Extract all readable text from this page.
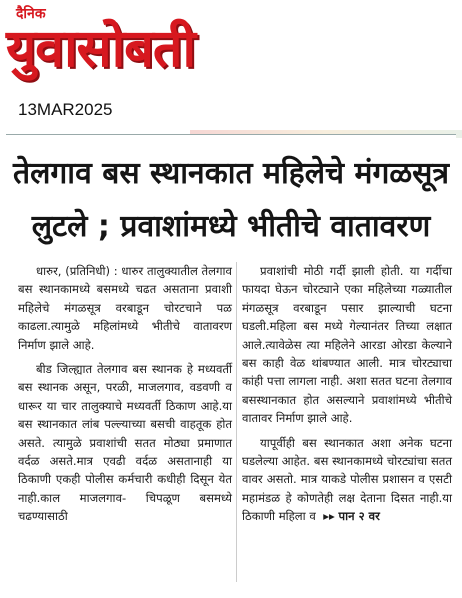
दैनिक
युवासोबती
13MAR2025
तेलगाव बस स्थानकात महिलेचे मंगळसूत्र
लुटले ; प्रवाशांमध्ये भीतीचे वातावरण

धारुर, (प्रतिनिधी) : धारुर तालुक्यातील तेलगाव बस स्थानकामध्ये बसमध्ये चढत असताना प्रवाशी महिलेचे मंगळसूत्र वरबाडून चोरटचाने पळ काढला.त्यामुळे महिलांमध्ये भीतीचे वातावरण निर्माण झाले आहे.

बीड जिल्ह्यात तेलगाव बस स्थानक हे मध्यवर्ती बस स्थानक असून, परळी, माजलगाव, वडवणी व धारूर या चार तालुक्याचे मध्यवर्ती ठिकाण आहे.या बस स्थानकात लांब पल्ल्याच्या बसची वाहतूक होत असते. त्यामुळे प्रवाशांची सतत मोठ्या प्रमाणात वर्दळ असते.मात्र एवढी वर्दळ असतानाही या ठिकाणी एकही पोलीस कर्मचारी कधीही दिसून येत नाही.काल माजलगाव- चिपळूण बसमध्ये चढण्यासाठी

प्रवाशांची मोठी गर्दी झाली होती. या गर्दीचा फायदा घेऊन चोरट्याने एका महिलेच्या गळ्यातील मंगळसूत्र वरबाडून पसार झाल्याची घटना घडली.महिला बस मध्ये गेल्यानंतर तिच्या लक्षात आले.त्यावेळेस त्या महिलेने आरडा ओरडा केल्याने बस काही वेळ थांबण्यात आली. मात्र चोरट्याचा कांही पत्ता लागला नाही. अशा सतत घटना तेलगाव बसस्थानकात होत असल्याने प्रवाशांमध्ये भीतीचे वातावर निर्माण झाले आहे.

यापूर्वीही बस स्थानकात अशा अनेक घटना घडलेल्या आहेत. बस स्थानकामध्ये चोरट्यांचा सतत वावर असतो. मात्र याकडे पोलीस प्रशासन व एसटी महामंडळ हे कोणतेही लक्ष देताना दिसत नाही.या ठिकाणी महिला व ▸▸ पान २ वर
